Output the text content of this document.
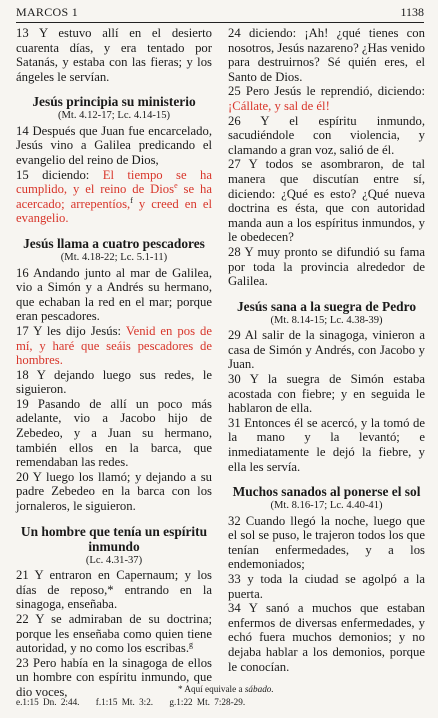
MARCOS 1	1138

13 Y estuvo allí en el desierto cuarenta días, y era tentado por Satanás, y estaba con las fieras; y los ángeles le servían.

Jesús principia su ministerio
(Mt. 4.12-17; Lc. 4.14-15)

14 Después que Juan fue encarcelado, Jesús vino a Galilea predicando el evangelio del reino de Dios,

15 diciendo: El tiempo se ha cumplido, y el reino de Dios$^e$ se ha acercado; arrepentíos,$^f$ y creed en el evangelio.

Jesús llama a cuatro pescadores
(Mt. 4.18-22; Lc. 5.1-11)

16 Andando junto al mar de Galilea, vio a Simón y a Andrés su hermano, que echaban la red en el mar; porque eran pescadores.

17 Y les dijo Jesús: Venid en pos de mí, y haré que seáis pescadores de hombres.

18 Y dejando luego sus redes, le siguieron.

19 Pasando de allí un poco más adelante, vio a Jacobo hijo de Zebedeo, y a Juan su hermano, también ellos en la barca, que remendaban las redes.

20 Y luego los llamó; y dejando a su padre Zebedeo en la barca con los jornaleros, le siguieron.

Un hombre que tenía un espíritu inmundo
(Lc. 4.31-37)

21 Y entraron en Capernaum; y los días de reposo,* entrando en la sinagoga, enseñaba.

22 Y se admiraban de su doctrina; porque les enseñaba como quien tiene autoridad, y no como los escribas.$^g$

23 Pero había en la sinagoga de ellos un hombre con espíritu inmundo, que dio voces,

24 diciendo: ¡Ah! ¿qué tienes con nosotros, Jesús nazareno? ¿Has venido para destruirnos? Sé quién eres, el Santo de Dios.

25 Pero Jesús le reprendió, diciendo: ¡Cállate, y sal de él!

26 Y el espíritu inmundo, sacudiéndole con violencia, y clamando a gran voz, salió de él.

27 Y todos se asombraron, de tal manera que discutían entre sí, diciendo: ¿Qué es esto? ¿Qué nueva doctrina es ésta, que con autoridad manda aun a los espíritus inmundos, y le obedecen?

28 Y muy pronto se difundió su fama por toda la provincia alrededor de Galilea.

Jesús sana a la suegra de Pedro
(Mt. 8.14-15; Lc. 4.38-39)

29 Al salir de la sinagoga, vinieron a casa de Simón y Andrés, con Jacobo y Juan.

30 Y la suegra de Simón estaba acostada con fiebre; y en seguida le hablaron de ella.

31 Entonces él se acercó, y la tomó de la mano y la levantó; e inmediatamente le dejó la fiebre, y ella les servía.

Muchos sanados al ponerse el sol
(Mt. 8.16-17; Lc. 4.40-41)

32 Cuando llegó la noche, luego que el sol se puso, le trajeron todos los que tenían enfermedades, y a los endemoniados;

33 y toda la ciudad se agolpó a la puerta.

34 Y sanó a muchos que estaban enfermos de diversas enfermedades, y echó fuera muchos demonios; y no dejaba hablar a los demonios, porque le conocían.

* Aquí equivale a sábado.
e.1:15 Dn. 2:44. f.1:15 Mt. 3:2. g.1:22 Mt. 7:28-29.
